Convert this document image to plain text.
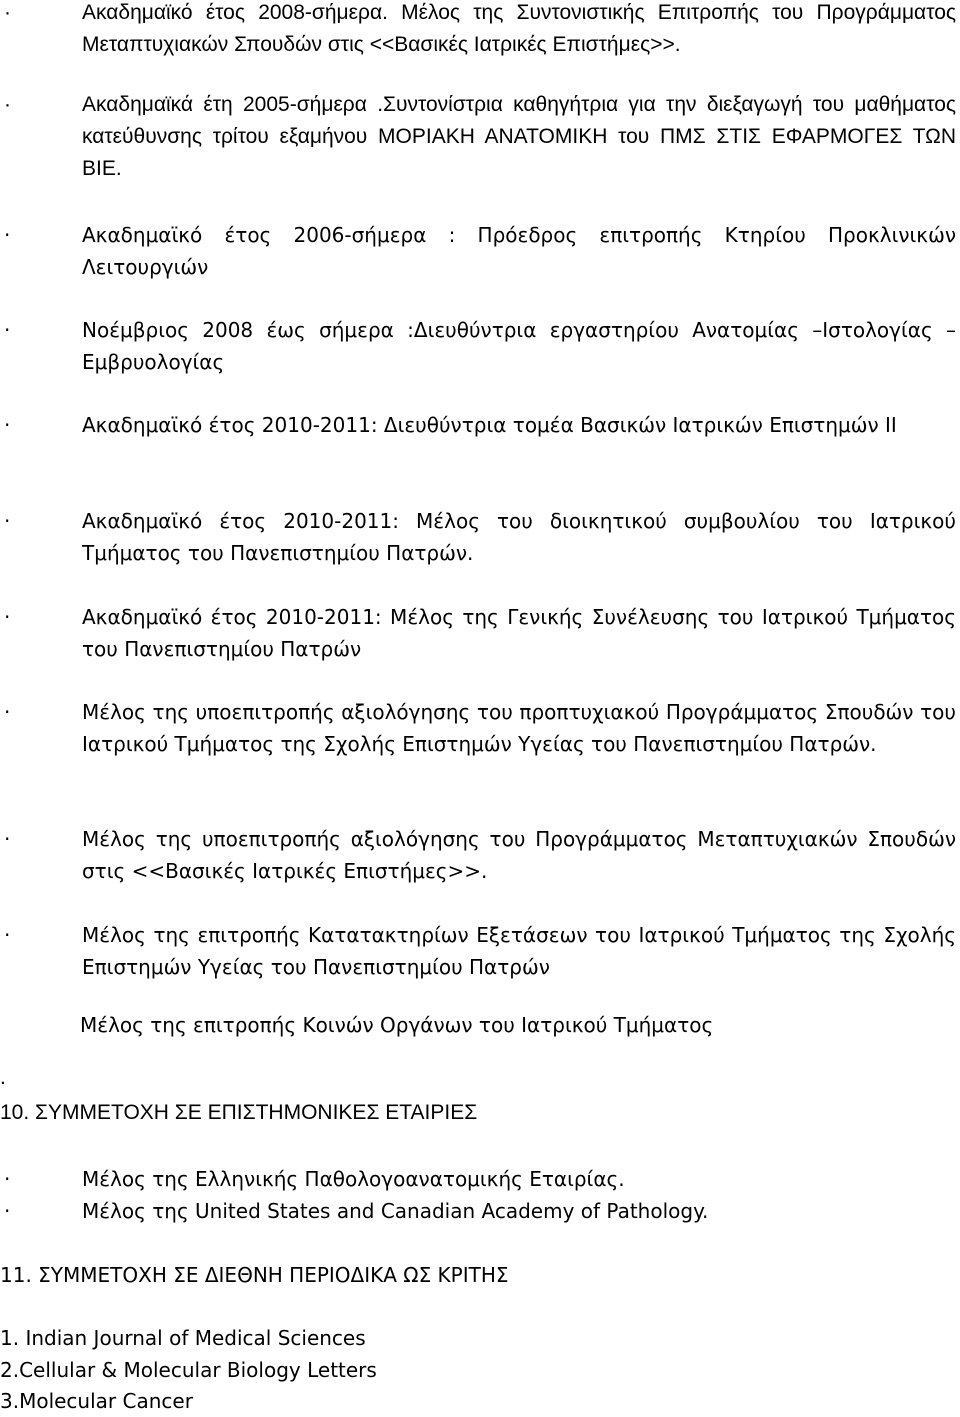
·	Ακαδημαϊκό έτος 2008-σήμερα. Μέλος της Συντονιστικής Επιτροπής του Προγράμματος Μεταπτυχιακών Σπουδών στις <<Βασικές Ιατρικές Επιστήμες>>.
·	Ακαδημαϊκά έτη 2005-σήμερα .Συντονίστρια καθηγήτρια για την διεξαγωγή του μαθήματος κατεύθυνσης τρίτου εξαμήνου ΜΟΡΙΑΚΗ ΑΝΑΤΟΜΙΚΗ του ΠΜΣ ΣΤΙΣ ΕΦΑΡΜΟΓΕΣ ΤΩΝ ΒΙΕ.
·	Ακαδημαϊκό έτος 2006-σήμερα : Πρόεδρος επιτροπής Κτηρίου Προκλινικών Λειτουργιών
·	Νοέμβριος 2008 έως σήμερα :Διευθύντρια εργαστηρίου Ανατομίας –Ιστολογίας – Εμβρυολογίας
·	Ακαδημαϊκό έτος 2010-2011: Διευθύντρια τομέα Βασικών Ιατρικών Επιστημών ΙΙ
·	Ακαδημαϊκό έτος 2010-2011: Μέλος του διοικητικού συμβουλίου του Ιατρικού Τμήματος του Πανεπιστημίου Πατρών.
·	Ακαδημαϊκό έτος 2010-2011: Μέλος της Γενικής Συνέλευσης του Ιατρικού Τμήματος του Πανεπιστημίου Πατρών
·	Μέλος της υποεπιτροπής αξιολόγησης του προπτυχιακού Προγράμματος Σπουδών του Ιατρικού Τμήματος της Σχολής Επιστημών Υγείας του Πανεπιστημίου Πατρών.
·	Μέλος της υποεπιτροπής αξιολόγησης του Προγράμματος Μεταπτυχιακών Σπουδών στις <<Βασικές Ιατρικές Επιστήμες>>.
·	Μέλος της επιτροπής Κατατακτηρίων Εξετάσεων του Ιατρικού Τμήματος της Σχολής Επιστημών Υγείας του Πανεπιστημίου Πατρών
Μέλος της επιτροπής Κοινών Οργάνων του Ιατρικού Τμήματος
.
10. ΣΥΜΜΕΤΟΧΗ ΣΕ ΕΠΙΣΤΗΜΟΝΙΚΕΣ ΕΤΑΙΡΙΕΣ
·	Μέλος της Ελληνικής Παθολογοανατομικής Εταιρίας.
·	Μέλος της United States and Canadian Academy of Pathology.
11. ΣΥΜΜΕΤΟΧΗ ΣΕ ΔΙΕΘΝΗ ΠΕΡΙΟΔΙΚΑ ΩΣ ΚΡΙΤΗΣ
1. Indian Journal of Medical Sciences
2.Cellular & Molecular Biology Letters
3.Molecular Cancer
